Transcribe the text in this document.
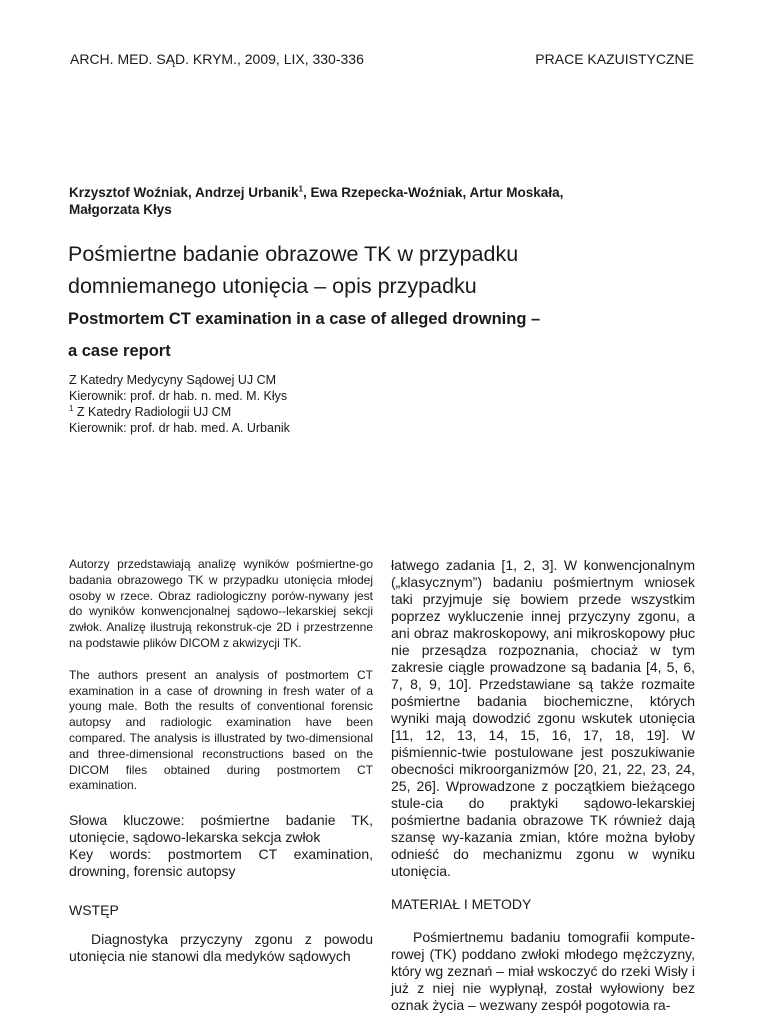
ARCH. MED. SĄD. KRYM., 2009, LIX, 330-336	PRACE KAZUISTYCZNE
Krzysztof Woźniak, Andrzej Urbanik$^1$, Ewa Rzepecka-Woźniak, Artur Moskała,
Małgorzata Kłys
Pośmiertne badanie obrazowe TK w przypadku
domniemanego utonięcia – opis przypadku
Postmortem CT examination in a case of alleged drowning –
a case report
Z Katedry Medycyny Sądowej UJ CM
Kierownik: prof. dr hab. n. med. M. Kłys
$^1$ Z Katedry Radiologii UJ CM
Kierownik: prof. dr hab. med. A. Urbanik

Autorzy przedstawiają analizę wyników pośmiertne-go badania obrazowego TK w przypadku utonięcia młodej osoby w rzece. Obraz radiologiczny porów-nywany jest do wyników konwencjonalnej sądowo--lekarskiej sekcji zwłok. Analizę ilustrują rekonstruk-cje 2D i przestrzenne na podstawie plików DICOM z akwizycji TK.

The authors present an analysis of postmortem CT examination in a case of drowning in fresh water of a young male. Both the results of conventional forensic autopsy and radiologic examination have been compared. The analysis is illustrated by two-dimensional and three-dimensional reconstructions based on the DICOM files obtained during postmortem CT examination.

Słowa kluczowe: pośmiertne badanie TK, utonięcie, sądowo-lekarska sekcja zwłok
Key words: postmortem CT examination, drowning, forensic autopsy

WSTĘP

Diagnostyka przyczyny zgonu z powodu utonięcia nie stanowi dla medyków sądowych

łatwego zadania [1, 2, 3]. W konwencjonalnym („klasycznym”) badaniu pośmiertnym wniosek taki przyjmuje się bowiem przede wszystkim poprzez wykluczenie innej przyczyny zgonu, a ani obraz makroskopowy, ani mikroskopowy płuc nie przesądza rozpoznania, chociaż w tym zakresie ciągle prowadzone są badania [4, 5, 6, 7, 8, 9, 10]. Przedstawiane są także rozmaite pośmiertne badania biochemiczne, których wyniki mają dowodzić zgonu wskutek utonięcia [11, 12, 13, 14, 15, 16, 17, 18, 19]. W piśmiennic-twie postulowane jest poszukiwanie obecności mikroorganizmów [20, 21, 22, 23, 24, 25, 26]. Wprowadzone z początkiem bieżącego stule-cia do praktyki sądowo-lekarskiej pośmiertne badania obrazowe TK również dają szansę wy-kazania zmian, które można byłoby odnieść do mechanizmu zgonu w wyniku utonięcia.

MATERIAŁ I METODY

Pośmiertnemu badaniu tomografii kompute-rowej (TK) poddano zwłoki młodego mężczyzny, który wg zeznań – miał wskoczyć do rzeki Wisły i już z niej nie wypłynął, został wyłowiony bez oznak życia – wezwany zespół pogotowia ra-
